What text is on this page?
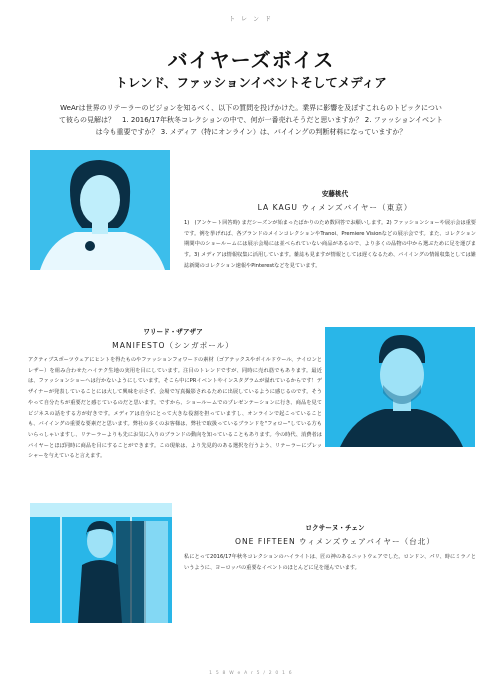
ト レ ン ド
バイヤーズボイス
トレンド、ファッションイベントそしてメディア

WeArは世界のリテーラーのビジョンを知るべく、以下の質問を投げかけた。業界に影響を及ぼすこれらのトピックについて彼らの見解は？　1. 2016/17年秋冬コレクションの中で、何が一番売れそうだと思いますか？ 2. ファッションイベントは今も重要ですか？ 3. メディア（特にオンライン）は、バイイングの判断材料になっていますか？

安藤桃代
LA KAGU ウィメンズバイヤー（東京）

1)　(アンケート回答時) まだシーズンが始まったばかりのため数回答でお願いします。2) ファッションショーや展示会は重要です。例を挙げれば、各ブランドのメインコレクションやTranoi、Premiere Visionなどの展示会です。また、コレクション期間中のショールームには展示会場には並べられていない商品があるので、より多くの品物の中から選ぶために足を運びます。3) メディアは情報収集に活用しています。雑誌も見ますが情報としては遅くなるため、バイイングの情報収集としては雑誌新聞のコレクション速報やPinterestなどを見ています。

ワリード・ザアザア
MANIFESTO（シンガポール）

アクティブスポーツウェアにヒントを得たものやファッションフォワードの素材（ゴアテックスやボイルドウール、ナイロンとレザー）を組み合わせたハイテク生地の実用を目にしています。注目のトレンドですが、同時に売れ筋でもあります。最近は、ファッションショーへは行かないようにしています。そこら中にPRイベントやインスタグラムが溢れているからです！デザイナーが発表していることには大して興味を示さず、会場で写真撮影されるために出展しているように感じるのです。そうやって自分たちが重要だと感じているのだと思います。ですから、ショールームでのプレゼンテーションに行き、商品を見てビジネスの話をする方が好きです。メディアは自分にとって大きな役割を担っていますし、オンラインで起こっていることも、バイイングの重要な要素だと思います。弊社の多くのお客様は、弊社で取扱っているブランドを"フォロー"している方もいらっしゃいますし、リテーラーよりも先にお気に入りのブランドの動向を知っていることもあります。今の時代、消費者はバイヤーとほぼ同時に商品を目にすることができます。この現象は、より先見的のある選択を行うよう、リテーラーにプレッシャーを与えていると言えます。

ロクサーヌ・チェン
ONE FIFTEEN ウィメンズウェアバイヤー（台北）

私にとって2016/17年秋冬コレクションのハイライトは、匠の神のあるニットウェアでした。ロンドン、パリ、時にミラノというように、ヨーロッパの重要なイベントのほとんどに足を運んでいます。

1 5 8 W e A r 5 / 2 0 1 6
